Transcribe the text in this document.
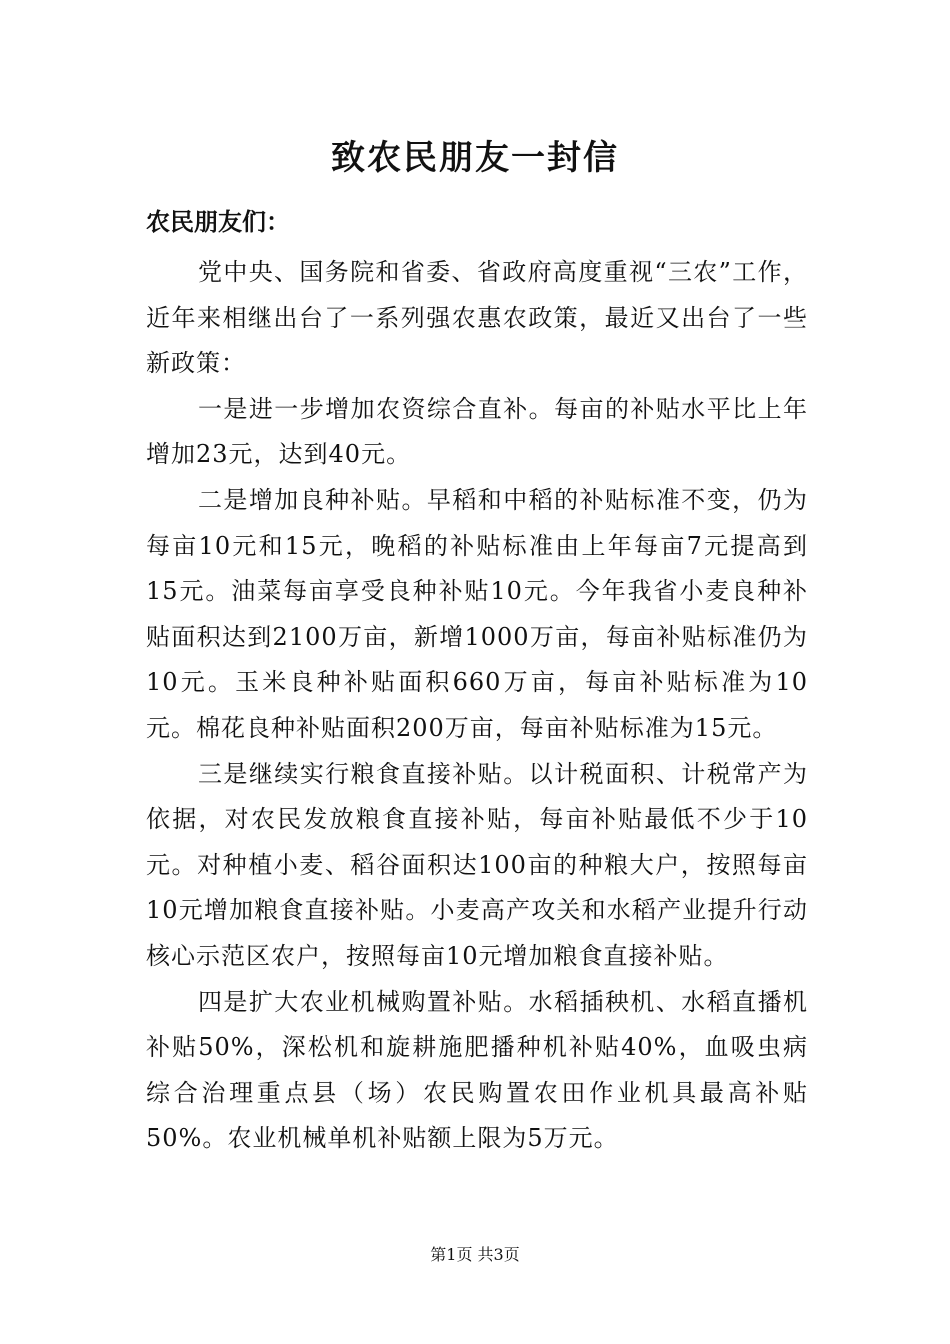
致农民朋友一封信
农民朋友们：

党中央、国务院和省委、省政府高度重视“三农”工作，近年来相继出台了一系列强农惠农政策，最近又出台了一些新政策：

一是进一步增加农资综合直补。每亩的补贴水平比上年增加23元，达到40元。

二是增加良种补贴。早稻和中稻的补贴标准不变，仍为每亩10元和15元，晚稻的补贴标准由上年每亩7元提高到15元。油菜每亩享受良种补贴10元。今年我省小麦良种补贴面积达到2100万亩，新增1000万亩，每亩补贴标准仍为10元。玉米良种补贴面积660万亩，每亩补贴标准为10元。棉花良种补贴面积200万亩，每亩补贴标准为15元。

三是继续实行粮食直接补贴。以计税面积、计税常产为依据，对农民发放粮食直接补贴，每亩补贴最低不少于10元。对种植小麦、稻谷面积达100亩的种粮大户，按照每亩10元增加粮食直接补贴。小麦高产攻关和水稻产业提升行动核心示范区农户，按照每亩10元增加粮食直接补贴。

四是扩大农业机械购置补贴。水稻插秧机、水稻直播机补贴50%，深松机和旋耕施肥播种机补贴40%，血吸虫病综合治理重点县（场）农民购置农田作业机具最高补贴50%。农业机械单机补贴额上限为5万元。

第1页 共3页
